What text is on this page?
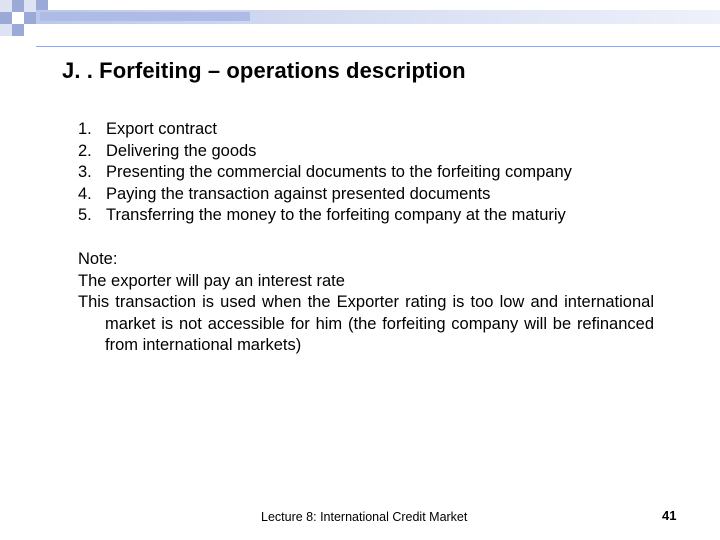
J. . Forfeiting – operations description
1. Export contract
2. Delivering the goods
3. Presenting the commercial documents to the forfeiting company
4. Paying the transaction against presented documents
5. Transferring the money to the forfeiting company at the maturiy

Note:

The exporter will pay an interest rate

This transaction is used when the Exporter rating is too low and international market is not accessible for him (the forfeiting company will be refinanced from international markets)

Lecture 8: International Credit Market	41
